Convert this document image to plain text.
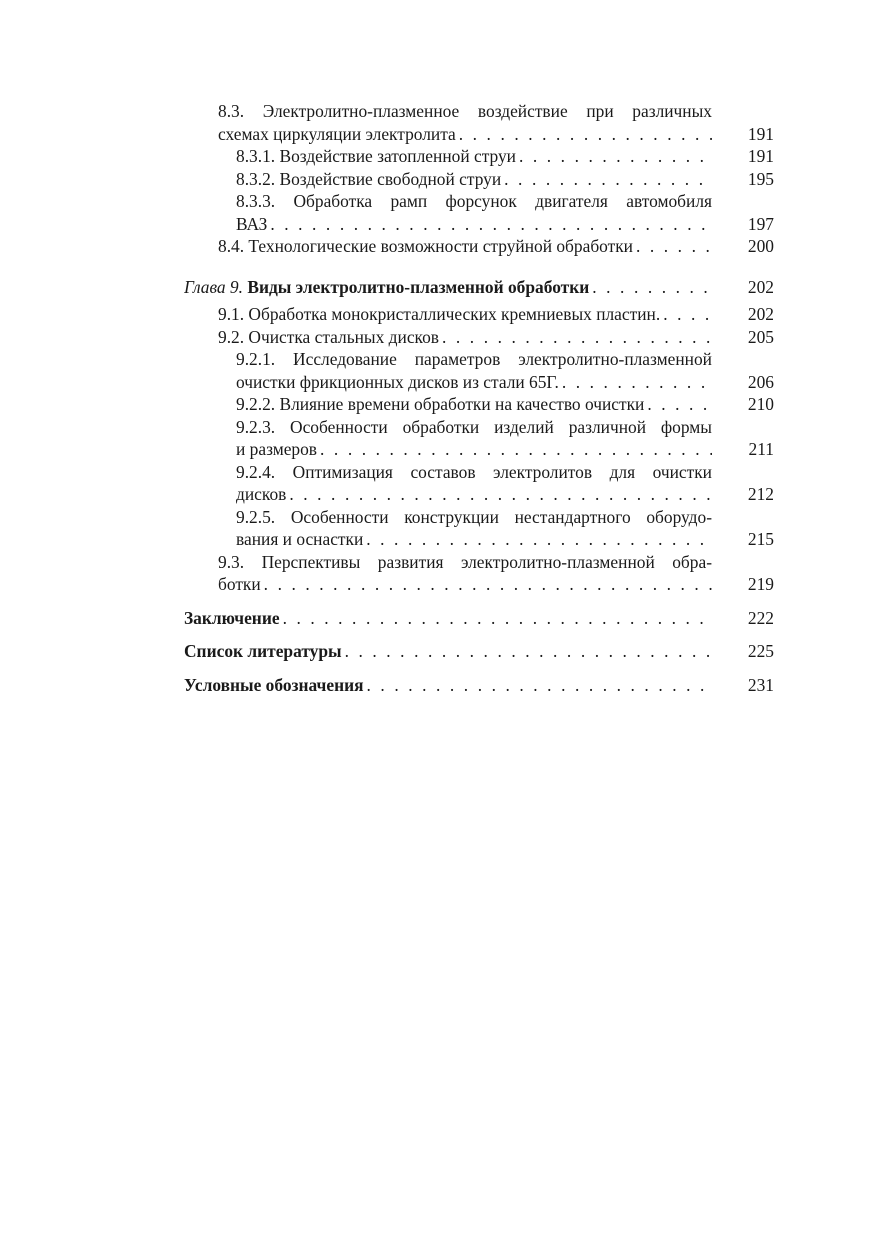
8.3. Электролитно-плазменное воздействие при различных
схемах циркуляции электролита . . .	191
8.3.1. Воздействие затопленной струи . . .	191
8.3.2. Воздействие свободной струи . . .	195
8.3.3. Обработка рамп форсунок двигателя автомобиля
ВАЗ . . .	197
8.4. Технологические возможности струйной обработки . . .	200
Глава 9. Виды электролитно-плазменной обработки . . .	202
9.1. Обработка монокристаллических кремниевых пластин. . . .	202
9.2. Очистка стальных дисков . . .	205
9.2.1. Исследование параметров электролитно-плазменной
очистки фрикционных дисков из стали 65Г. . . .	206
9.2.2. Влияние времени обработки на качество очистки . . .	210
9.2.3. Особенности обработки изделий различной формы
и размеров . . .	211
9.2.4. Оптимизация составов электролитов для очистки
дисков . . .	212
9.2.5. Особенности конструкции нестандартного оборудо-
вания и оснастки . . .	215
9.3. Перспективы развития электролитно-плазменной обра-
ботки . . .	219
Заключение . . .	222
Список литературы . . .	225
Условные обозначения . . .	231
